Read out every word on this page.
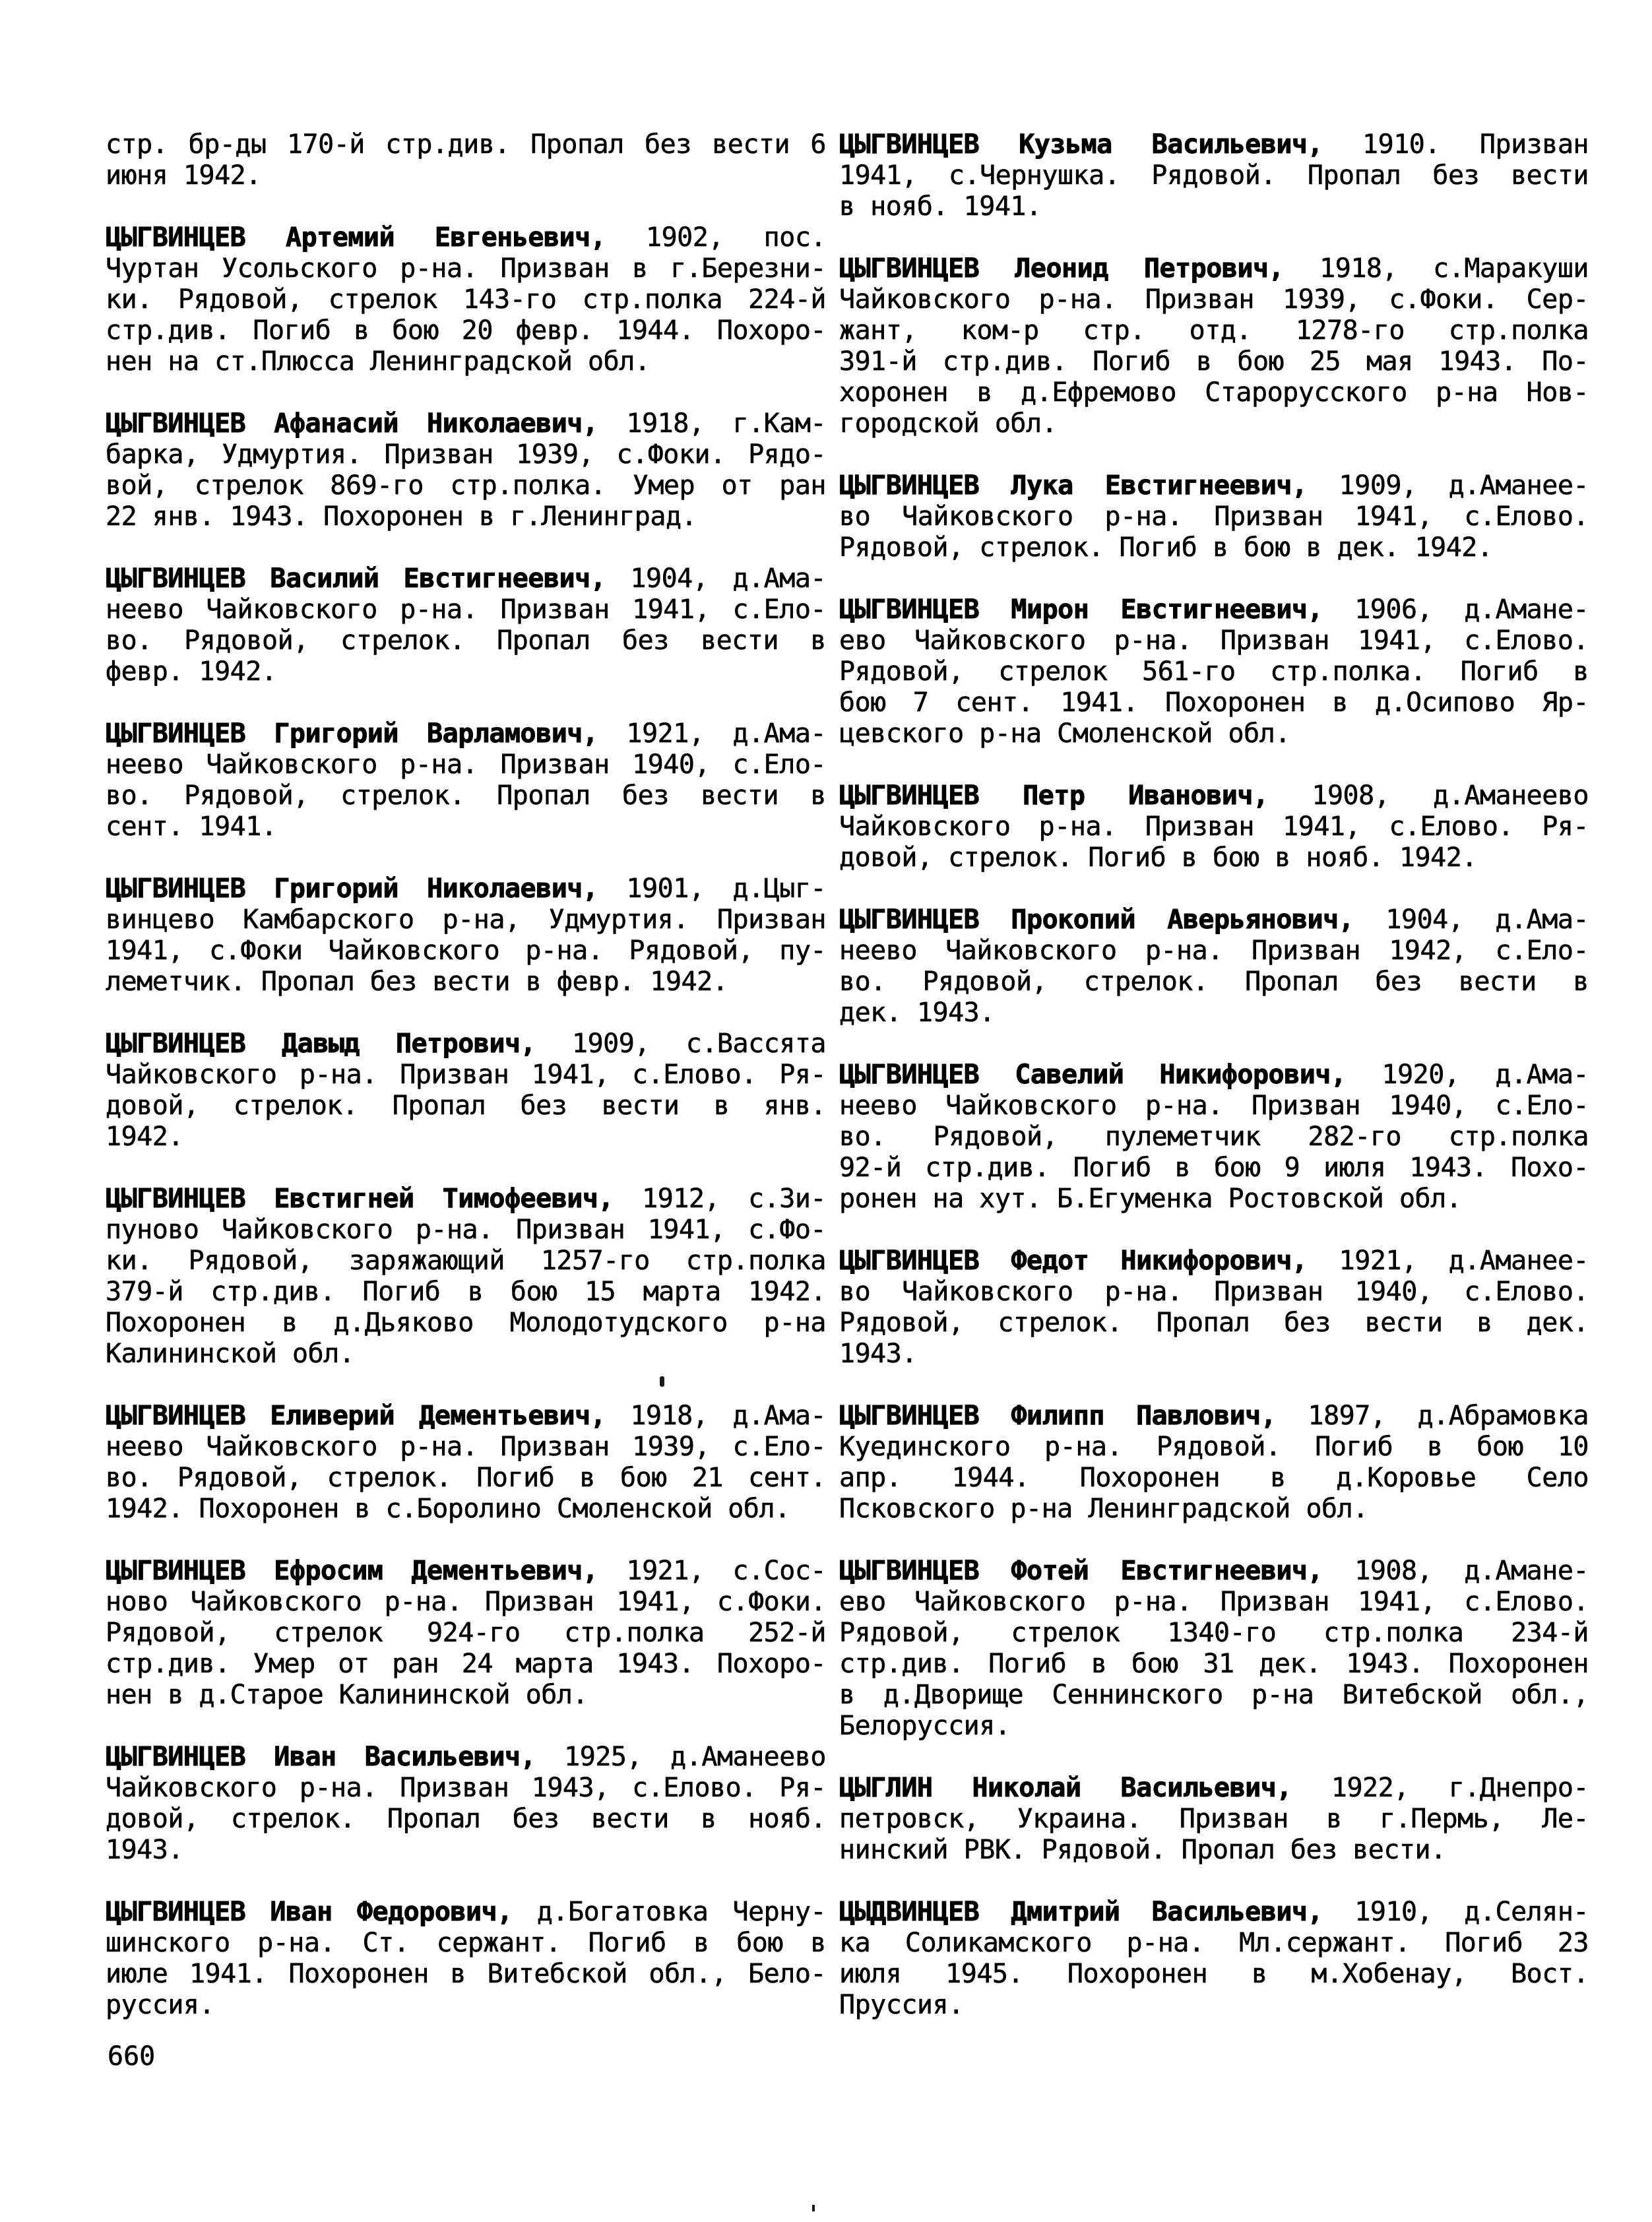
стр. бр-ды 170-й стр.див. Пропал без вести 6
июня 1942.
ЦЫГВИНЦЕВ Артемий Евгеньевич, 1902, пос.
Чуртан Усольского р-на. Призван в г.Березни-
ки. Рядовой, стрелок 143-го стр.полка 224-й
стр.див. Погиб в бою 20 февр. 1944. Похоро-
нен на ст.Плюсса Ленинградской обл.
ЦЫГВИНЦЕВ Афанасий Николаевич, 1918, г.Кам-
барка, Удмуртия. Призван 1939, с.Фоки. Рядо-
вой, стрелок 869-го стр.полка. Умер от ран
22 янв. 1943. Похоронен в г.Ленинград.
ЦЫГВИНЦЕВ Василий Евстигнеевич, 1904, д.Ама-
неево Чайковского р-на. Призван 1941, с.Ело-
во. Рядовой, стрелок. Пропал без вести в
февр. 1942.
ЦЫГВИНЦЕВ Григорий Варламович, 1921, д.Ама-
неево Чайковского р-на. Призван 1940, с.Ело-
во. Рядовой, стрелок. Пропал без вести в
сент. 1941.
ЦЫГВИНЦЕВ Григорий Николаевич, 1901, д.Цыг-
винцево Камбарского р-на, Удмуртия. Призван
1941, с.Фоки Чайковского р-на. Рядовой, пу-
леметчик. Пропал без вести в февр. 1942.
ЦЫГВИНЦЕВ Давыд Петрович, 1909, с.Вассята
Чайковского р-на. Призван 1941, с.Елово. Ря-
довой, стрелок. Пропал без вести в янв.
1942.
ЦЫГВИНЦЕВ Евстигней Тимофеевич, 1912, с.Зи-
пуново Чайковского р-на. Призван 1941, с.Фо-
ки. Рядовой, заряжающий 1257-го стр.полка
379-й стр.див. Погиб в бою 15 марта 1942.
Похоронен в д.Дьяково Молодотудского р-на
Калининской обл.
ЦЫГВИНЦЕВ Еливерий Дементьевич, 1918, д.Ама-
неево Чайковского р-на. Призван 1939, с.Ело-
во. Рядовой, стрелок. Погиб в бою 21 сент.
1942. Похоронен в с.Боролино Смоленской обл.
ЦЫГВИНЦЕВ Ефросим Дементьевич, 1921, с.Сос-
ново Чайковского р-на. Призван 1941, с.Фоки.
Рядовой, стрелок 924-го стр.полка 252-й
стр.див. Умер от ран 24 марта 1943. Похоро-
нен в д.Старое Калининской обл.
ЦЫГВИНЦЕВ Иван Васильевич, 1925, д.Аманеево
Чайковского р-на. Призван 1943, с.Елово. Ря-
довой, стрелок. Пропал без вести в нояб.
1943.
ЦЫГВИНЦЕВ Иван Федорович, д.Богатовка Черну-
шинского р-на. Ст. сержант. Погиб в бою в
июле 1941. Похоронен в Витебской обл., Бело-
руссия.
ЦЫГВИНЦЕВ Кузьма Васильевич, 1910. Призван
1941, с.Чернушка. Рядовой. Пропал без вести
в нояб. 1941.
ЦЫГВИНЦЕВ Леонид Петрович, 1918, с.Маракуши
Чайковского р-на. Призван 1939, с.Фоки. Сер-
жант, ком-р стр. отд. 1278-го стр.полка
391-й стр.див. Погиб в бою 25 мая 1943. По-
хоронен в д.Ефремово Старорусского р-на Нов-
городской обл.
ЦЫГВИНЦЕВ Лука Евстигнеевич, 1909, д.Аманее-
во Чайковского р-на. Призван 1941, с.Елово.
Рядовой, стрелок. Погиб в бою в дек. 1942.
ЦЫГВИНЦЕВ Мирон Евстигнеевич, 1906, д.Амане-
ево Чайковского р-на. Призван 1941, с.Елово.
Рядовой, стрелок 561-го стр.полка. Погиб в
бою 7 сент. 1941. Похоронен в д.Осипово Яр-
цевского р-на Смоленской обл.
ЦЫГВИНЦЕВ Петр Иванович, 1908, д.Аманеево
Чайковского р-на. Призван 1941, с.Елово. Ря-
довой, стрелок. Погиб в бою в нояб. 1942.
ЦЫГВИНЦЕВ Прокопий Аверьянович, 1904, д.Ама-
неево Чайковского р-на. Призван 1942, с.Ело-
во. Рядовой, стрелок. Пропал без вести в
дек. 1943.
ЦЫГВИНЦЕВ Савелий Никифорович, 1920, д.Ама-
неево Чайковского р-на. Призван 1940, с.Ело-
во. Рядовой, пулеметчик 282-го стр.полка
92-й стр.див. Погиб в бою 9 июля 1943. Похо-
ронен на хут. Б.Егуменка Ростовской обл.
ЦЫГВИНЦЕВ Федот Никифорович, 1921, д.Аманее-
во Чайковского р-на. Призван 1940, с.Елово.
Рядовой, стрелок. Пропал без вести в дек.
1943.
ЦЫГВИНЦЕВ Филипп Павлович, 1897, д.Абрамовка
Куединского р-на. Рядовой. Погиб в бою 10
апр. 1944. Похоронен в д.Коровье Село
Псковского р-на Ленинградской обл.
ЦЫГВИНЦЕВ Фотей Евстигнеевич, 1908, д.Амане-
ево Чайковского р-на. Призван 1941, с.Елово.
Рядовой, стрелок 1340-го стр.полка 234-й
стр.див. Погиб в бою 31 дек. 1943. Похоронен
в д.Дворище Сеннинского р-на Витебской обл.,
Белоруссия.
ЦЫГЛИН Николай Васильевич, 1922, г.Днепро-
петровск, Украина. Призван в г.Пермь, Ле-
нинский РВК. Рядовой. Пропал без вести.
ЦЫДВИНЦЕВ Дмитрий Васильевич, 1910, д.Селян-
ка Соликамского р-на. Мл.сержант. Погиб 23
июля 1945. Похоронен в м.Хобенау, Вост.
Пруссия.
660
